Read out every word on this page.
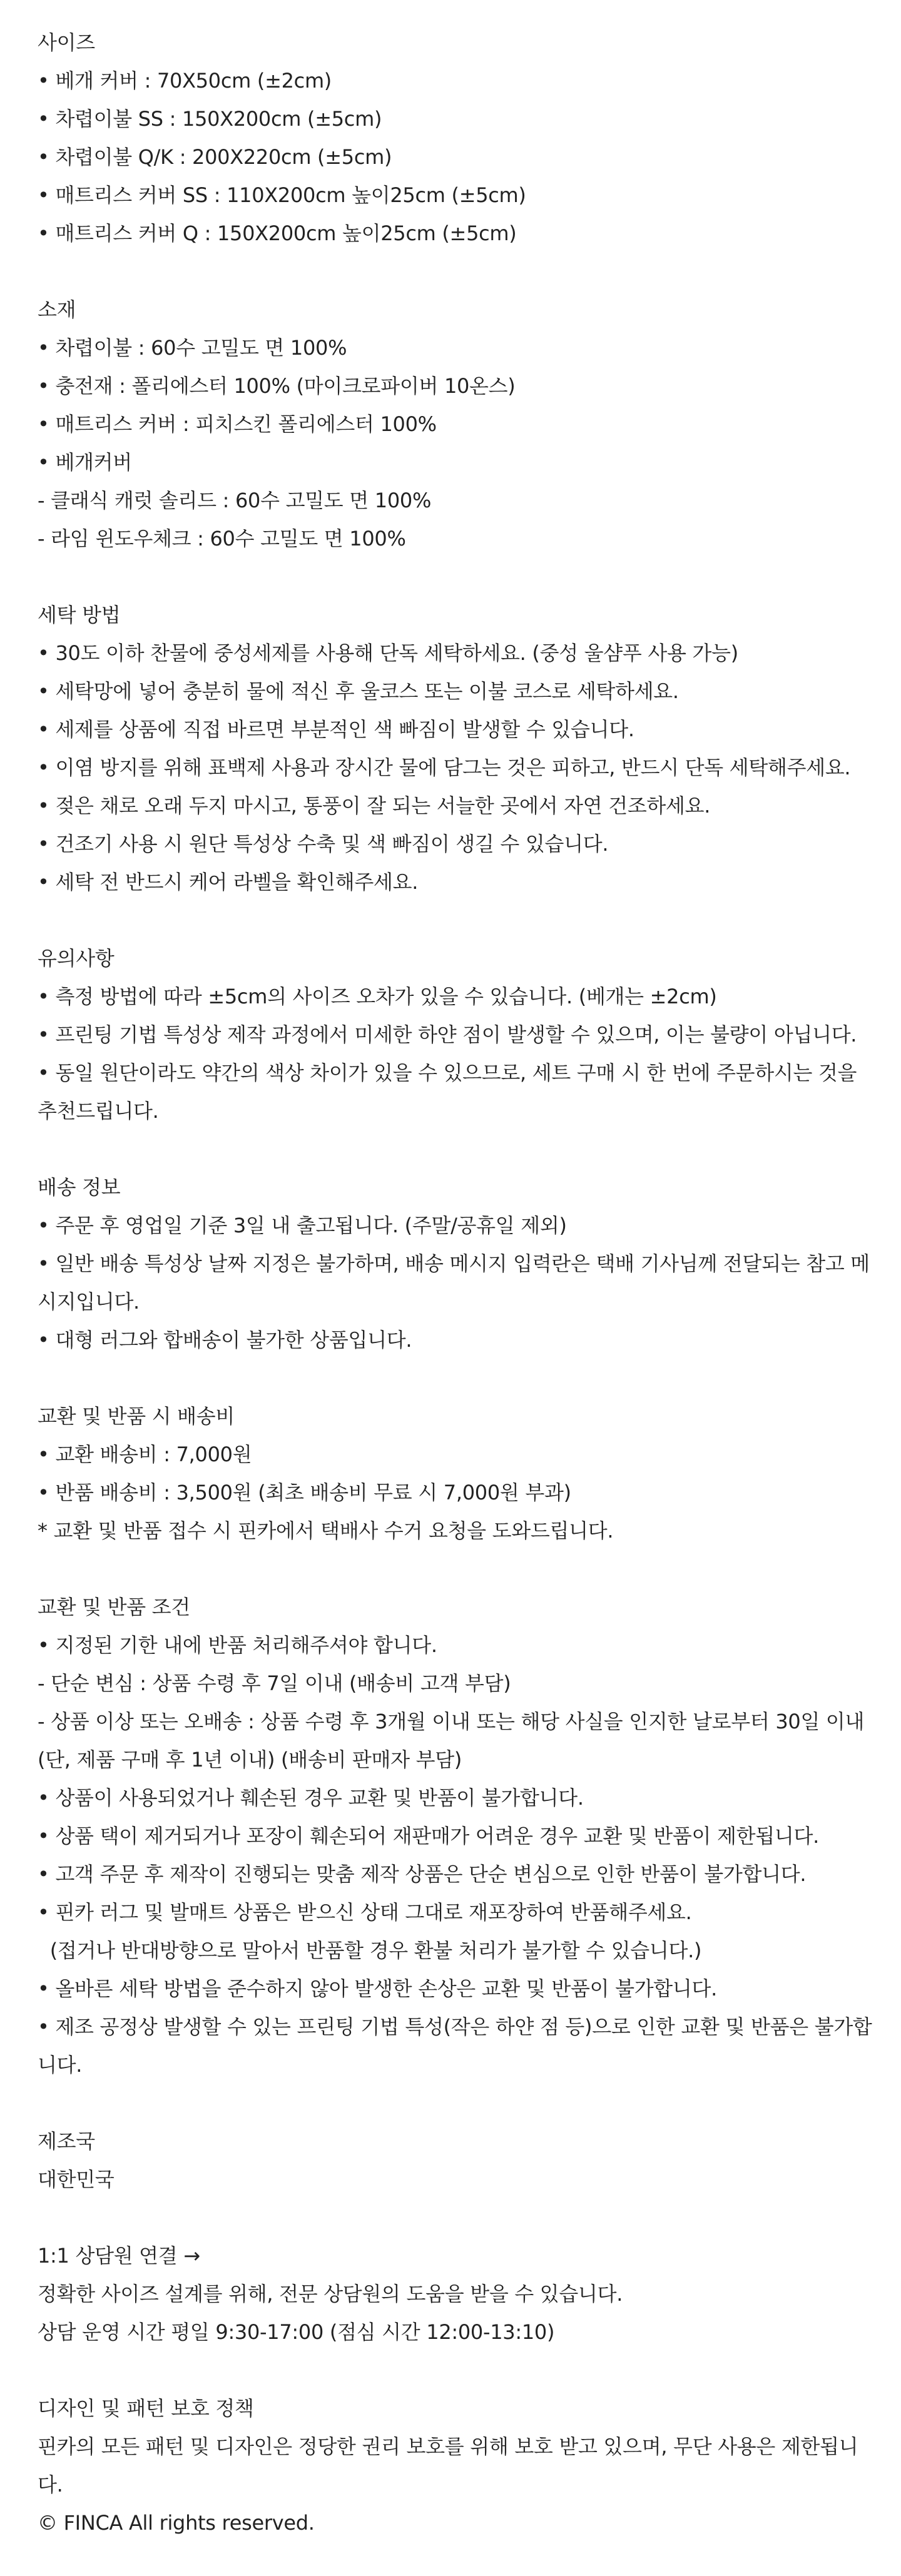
사이즈
• 베개 커버 : 70X50cm (±2cm)
• 차렵이불 SS : 150X200cm (±5cm)
• 차렵이불 Q/K : 200X220cm (±5cm)
• 매트리스 커버 SS : 110X200cm 높이25cm (±5cm)
• 매트리스 커버 Q : 150X200cm 높이25cm (±5cm)
소재
• 차렵이불 : 60수 고밀도 면 100%
• 충전재 : 폴리에스터 100% (마이크로파이버 10온스)
• 매트리스 커버 : 피치스킨 폴리에스터 100%
• 베개커버
- 클래식 캐럿 솔리드 : 60수 고밀도 면 100%
- 라임 윈도우체크 : 60수 고밀도 면 100%
세탁 방법
• 30도 이하 찬물에 중성세제를 사용해 단독 세탁하세요. (중성 울샴푸 사용 가능)
• 세탁망에 넣어 충분히 물에 적신 후 울코스 또는 이불 코스로 세탁하세요.
• 세제를 상품에 직접 바르면 부분적인 색 빠짐이 발생할 수 있습니다.
• 이염 방지를 위해 표백제 사용과 장시간 물에 담그는 것은 피하고, 반드시 단독 세탁해주세요.
• 젖은 채로 오래 두지 마시고, 통풍이 잘 되는 서늘한 곳에서 자연 건조하세요.
• 건조기 사용 시 원단 특성상 수축 및 색 빠짐이 생길 수 있습니다.
• 세탁 전 반드시 케어 라벨을 확인해주세요.
유의사항
• 측정 방법에 따라 ±5cm의 사이즈 오차가 있을 수 있습니다. (베개는 ±2cm)
• 프린팅 기법 특성상 제작 과정에서 미세한 하얀 점이 발생할 수 있으며, 이는 불량이 아닙니다.
• 동일 원단이라도 약간의 색상 차이가 있을 수 있으므로, 세트 구매 시 한 번에 주문하시는 것을
추천드립니다.
배송 정보
• 주문 후 영업일 기준 3일 내 출고됩니다. (주말/공휴일 제외)
• 일반 배송 특성상 날짜 지정은 불가하며, 배송 메시지 입력란은 택배 기사님께 전달되는 참고 메
시지입니다.
• 대형 러그와 합배송이 불가한 상품입니다.
교환 및 반품 시 배송비
• 교환 배송비 : 7,000원
• 반품 배송비 : 3,500원 (최초 배송비 무료 시 7,000원 부과)
* 교환 및 반품 접수 시 핀카에서 택배사 수거 요청을 도와드립니다.
교환 및 반품 조건
• 지정된 기한 내에 반품 처리해주셔야 합니다.
- 단순 변심 : 상품 수령 후 7일 이내 (배송비 고객 부담)
- 상품 이상 또는 오배송 : 상품 수령 후 3개월 이내 또는 해당 사실을 인지한 날로부터 30일 이내
(단, 제품 구매 후 1년 이내) (배송비 판매자 부담)
• 상품이 사용되었거나 훼손된 경우 교환 및 반품이 불가합니다.
• 상품 택이 제거되거나 포장이 훼손되어 재판매가 어려운 경우 교환 및 반품이 제한됩니다.
• 고객 주문 후 제작이 진행되는 맞춤 제작 상품은 단순 변심으로 인한 반품이 불가합니다.
• 핀카 러그 및 발매트 상품은 받으신 상태 그대로 재포장하여 반품해주세요.
(접거나 반대방향으로 말아서 반품할 경우 환불 처리가 불가할 수 있습니다.)
• 올바른 세탁 방법을 준수하지 않아 발생한 손상은 교환 및 반품이 불가합니다.
• 제조 공정상 발생할 수 있는 프린팅 기법 특성(작은 하얀 점 등)으로 인한 교환 및 반품은 불가합
니다.
제조국
대한민국
1:1 상담원 연결 →
정확한 사이즈 설계를 위해, 전문 상담원의 도움을 받을 수 있습니다.
상담 운영 시간 평일 9:30-17:00 (점심 시간 12:00-13:10)
디자인 및 패턴 보호 정책
핀카의 모든 패턴 및 디자인은 정당한 권리 보호를 위해 보호 받고 있으며, 무단 사용은 제한됩니
다.
© FINCA All rights reserved.
